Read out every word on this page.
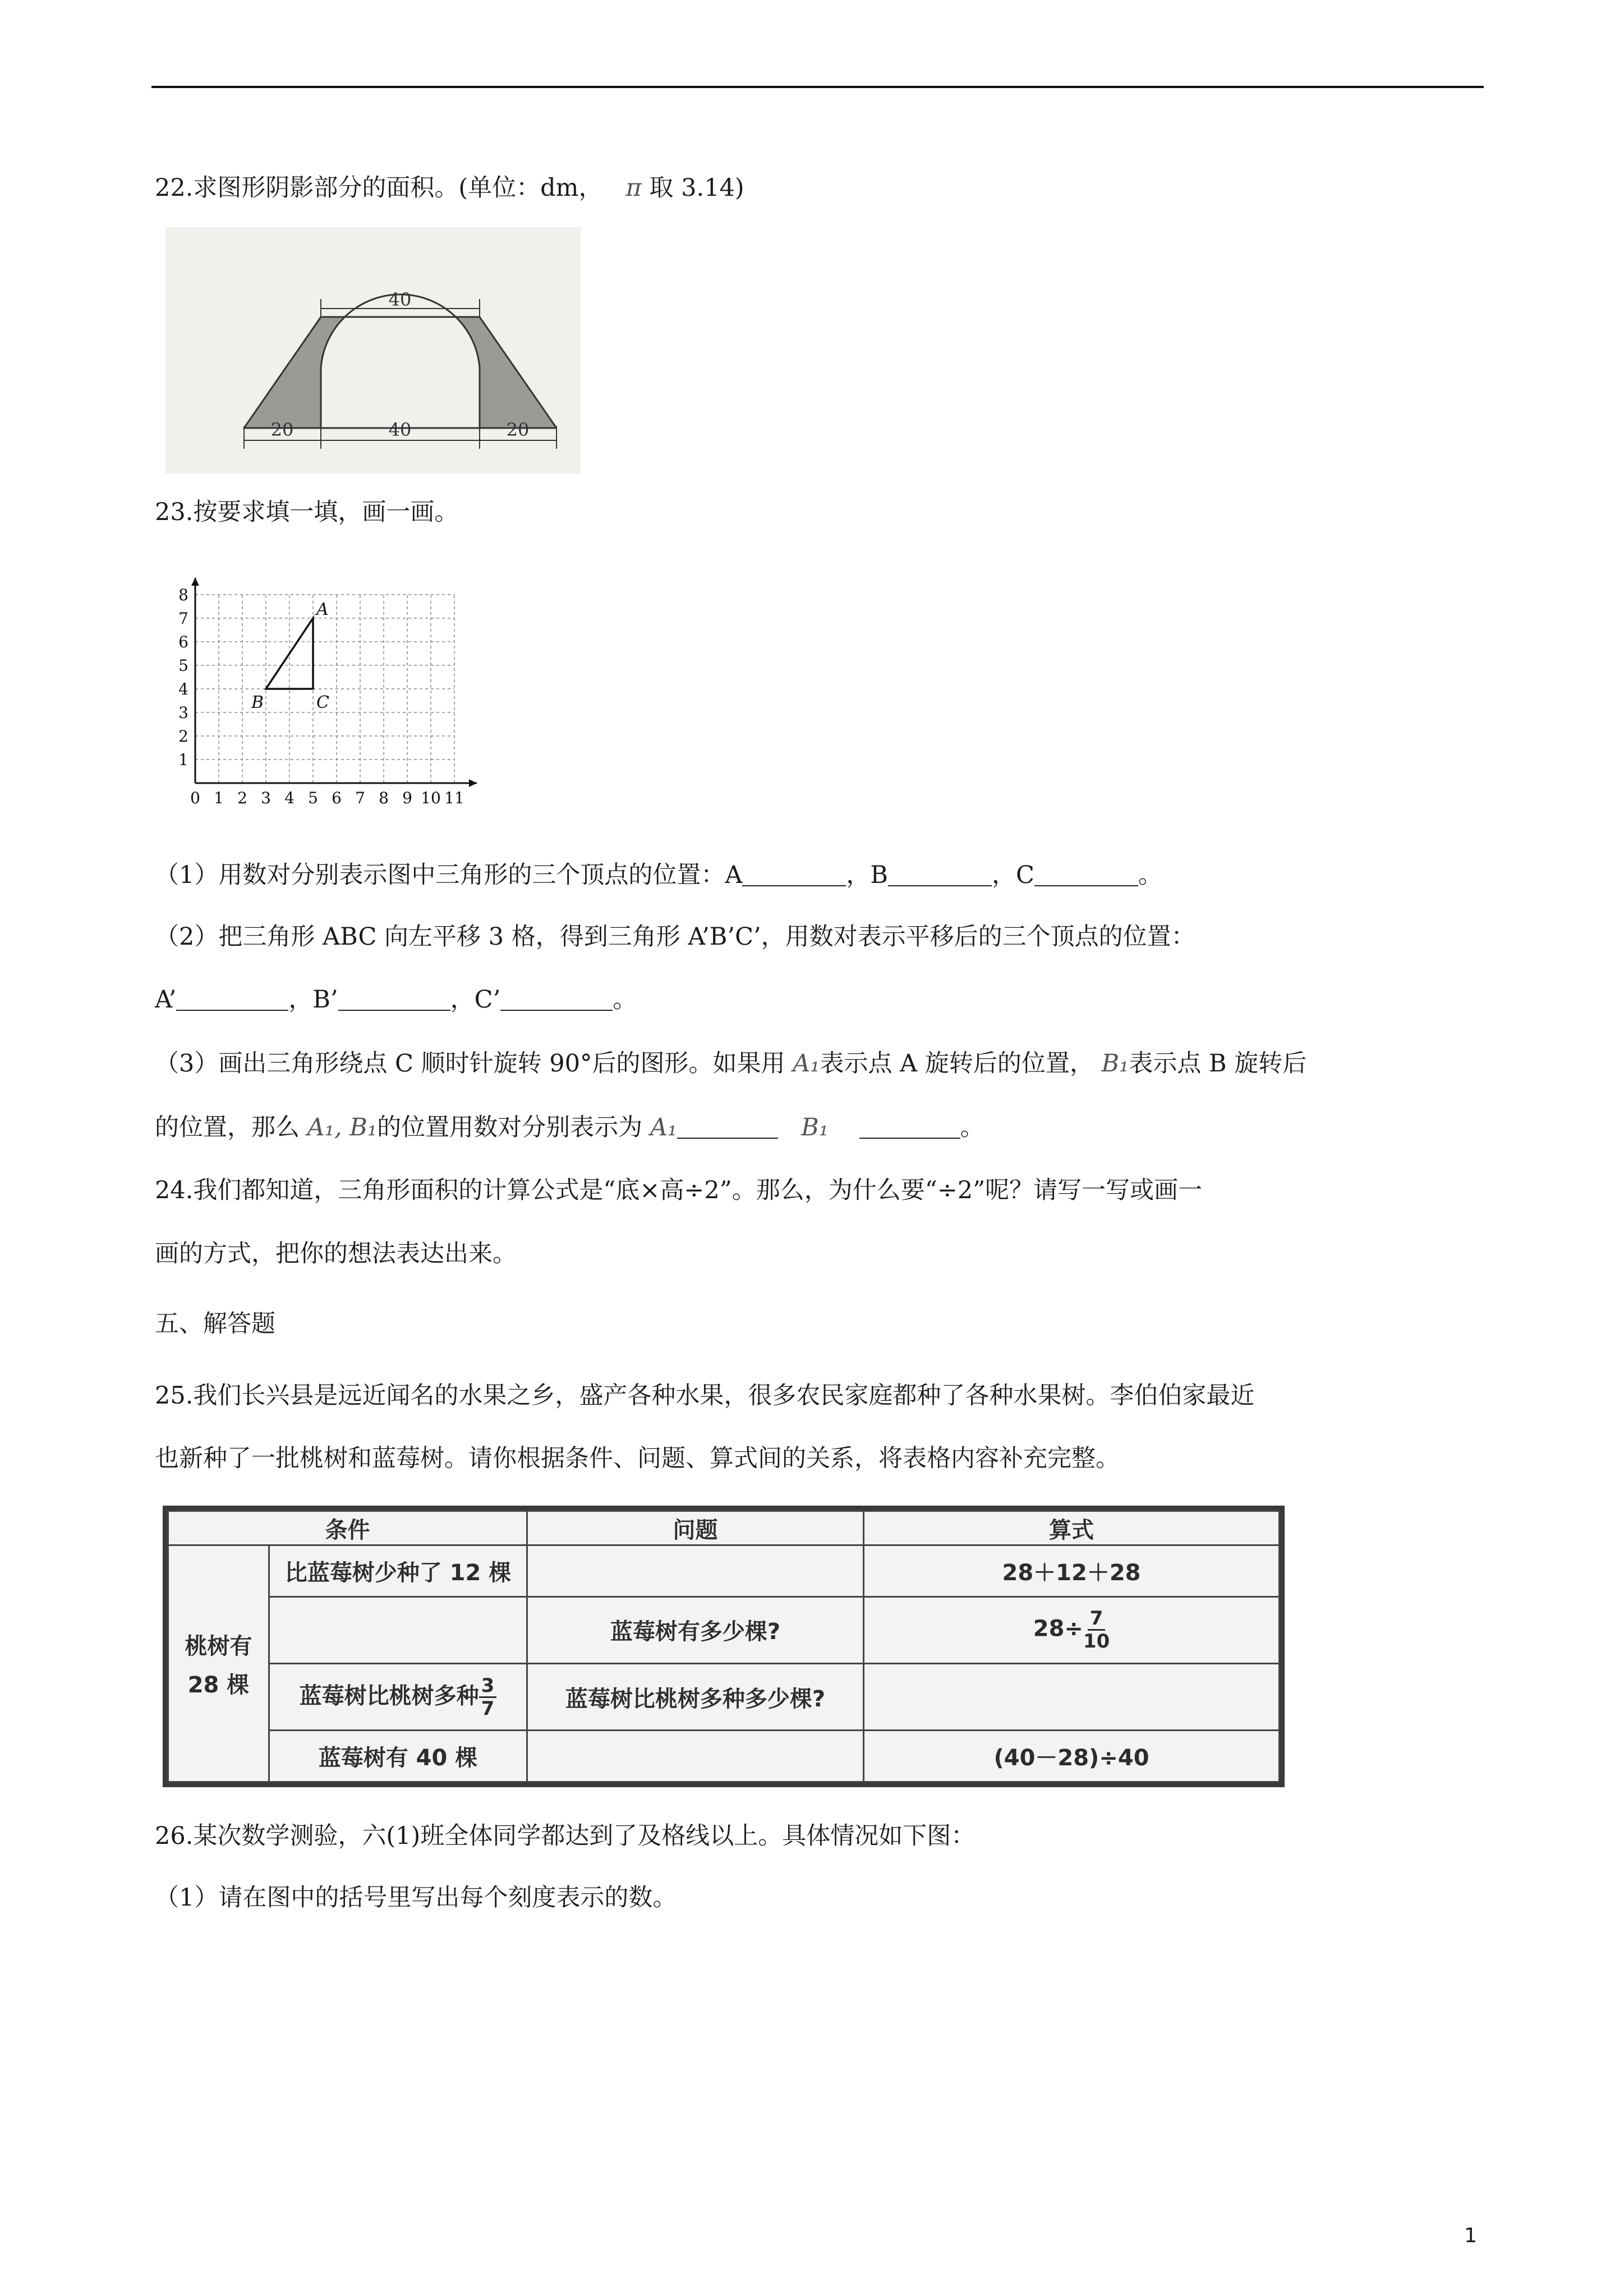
22.求图形阴影部分的面积。(单位：dm， π 取 3.14)
40
20	40	20
23.按要求填一填，画一画。
0 1 2 3 4 5 6 7 8 9 10 11
1
2
3
4
5
6
7
8
A
B	C
（1）用数对分别表示图中三角形的三个顶点的位置：A	，B	，C	。
（2）把三角形 ABC 向左平移 3 格，得到三角形 A’B’C’，用数对表示平移后的三个顶点的位置：
A’	，B’	，C’	。
（3）画出三角形绕点 C 顺时针旋转 90°后的图形。如果用 A₁表示点 A 旋转后的位置， B₁表示点 B 旋转后
的位置，那么 A₁, B₁的位置用数对分别表示为 A₁	B₁	。
24.我们都知道，三角形面积的计算公式是“底×高÷2”。那么，为什么要“÷2”呢？请写一写或画一
画的方式，把你的想法表达出来。
五、解答题
25.我们长兴县是远近闻名的水果之乡，盛产各种水果，很多农民家庭都种了各种水果树。李伯伯家最近
也新种了一批桃树和蓝莓树。请你根据条件、问题、算式间的关系，将表格内容补充完整。
条件		问题	算式

桃树有
28 棵	比蓝莓树少种了 12 棵		28＋12＋28
		蓝莓树有多少棵?	$28\div \frac{7}{10}$

	蓝莓树比桃树多种 $\frac{3}{7}$	蓝莓树比桃树多种多少棵?	
	蓝莓树有 40 棵		(40－28)÷40
26.某次数学测验，六(1)班全体同学都达到了及格线以上。具体情况如下图：
（1）请在图中的括号里写出每个刻度表示的数。
1
